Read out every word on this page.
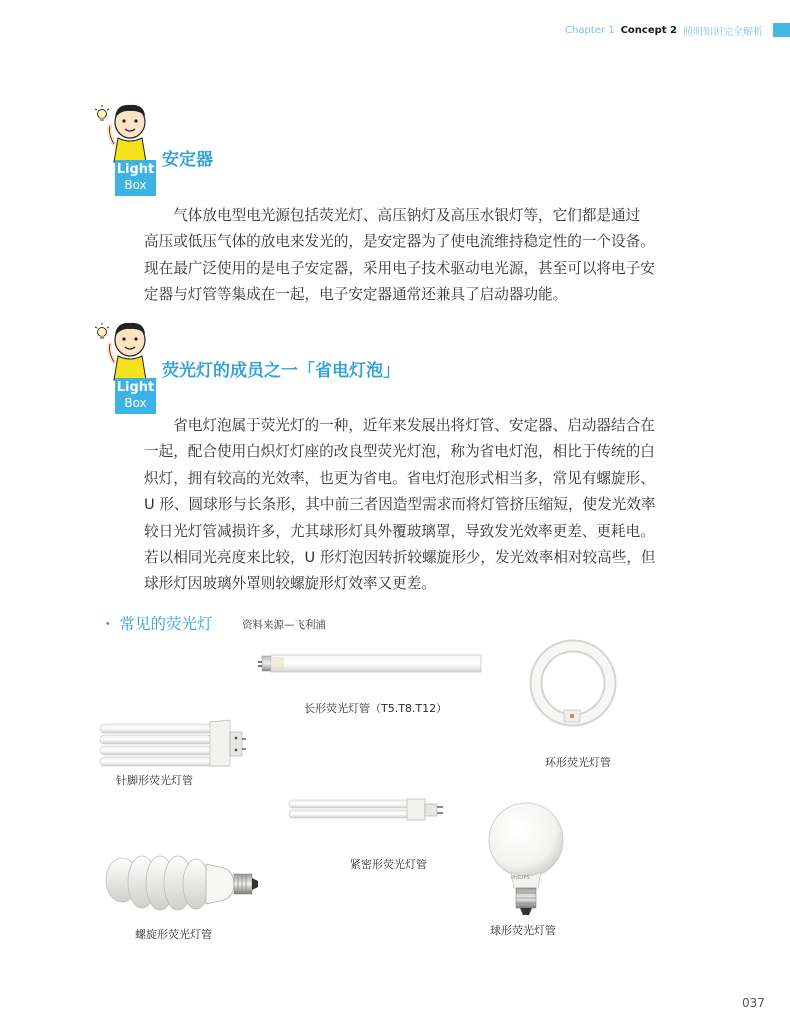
Chapter 1 Concept 2 照明知识完全解析
Light
Box
安定器

　　气体放电型电光源包括荧光灯、高压钠灯及高压水银灯等，它们都是通过

高压或低压气体的放电来发光的，是安定器为了使电流维持稳定性的一个设备。

现在最广泛使用的是电子安定器，采用电子技术驱动电光源，甚至可以将电子安

定器与灯管等集成在一起，电子安定器通常还兼具了启动器功能。

Light
Box
荧光灯的成员之一「省电灯泡」

　　省电灯泡属于荧光灯的一种，近年来发展出将灯管、安定器、启动器结合在

一起，配合使用白炽灯灯座的改良型荧光灯泡，称为省电灯泡，相比于传统的白

炽灯，拥有较高的光效率，也更为省电。省电灯泡形式相当多，常见有螺旋形、

U 形、圆球形与长条形，其中前三者因造型需求而将灯管挤压缩短，使发光效率

较日光灯管减损许多，尤其球形灯具外覆玻璃罩，导致发光效率更差、更耗电。

若以相同光亮度来比较，U 形灯泡因转折较螺旋形少，发光效率相对较高些，但

球形灯因玻璃外罩则较螺旋形灯效率又更差。

・ 常见的荧光灯	资料来源—飞利浦
长形荧光灯管（T5.T8.T12）
环形荧光灯管
针脚形荧光灯管
紧密形荧光灯管
螺旋形荧光灯管
PHILIPS
球形荧光灯管
037
